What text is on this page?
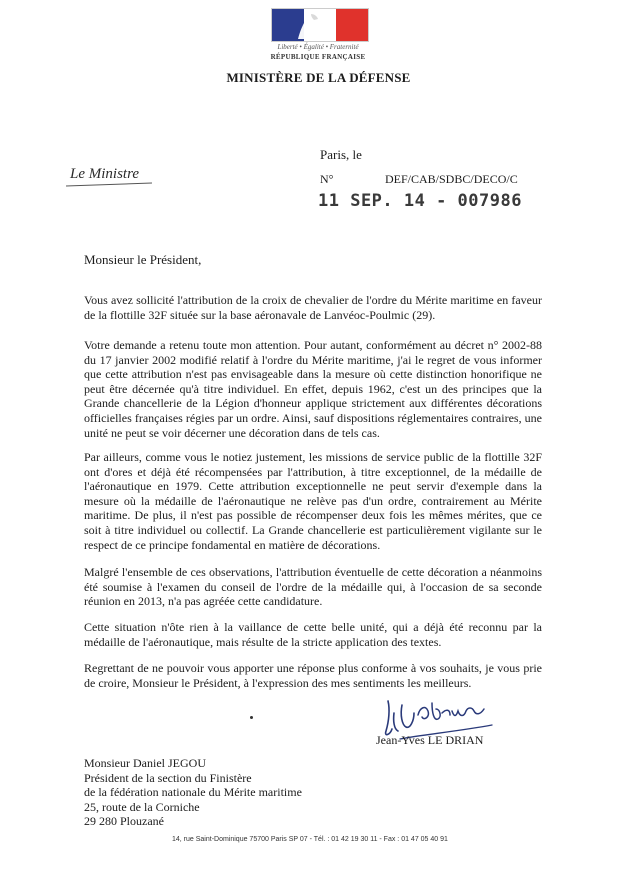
Liberté • Égalité • Fraternité
RÉPUBLIQUE FRANÇAISE
MINISTÈRE DE LA DÉFENSE
Le Ministre
Paris, le
N°	DEF/CAB/SDBC/DECO/C
11 SEP. 14 - 007986
Monsieur le Président,

Vous avez sollicité l'attribution de la croix de chevalier de l'ordre du Mérite maritime en faveur de la flottille 32F située sur la base aéronavale de Lanvéoc-Poulmic (29).

Votre demande a retenu toute mon attention. Pour autant, conformément au décret n° 2002-88 du 17 janvier 2002 modifié relatif à l'ordre du Mérite maritime, j'ai le regret de vous informer que cette attribution n'est pas envisageable dans la mesure où cette distinction honorifique ne peut être décernée qu'à titre individuel. En effet, depuis 1962, c'est un des principes que la Grande chancellerie de la Légion d'honneur applique strictement aux différentes décorations officielles françaises régies par un ordre. Ainsi, sauf dispositions réglementaires contraires, une unité ne peut se voir décerner une décoration dans de tels cas.

Par ailleurs, comme vous le notiez justement, les missions de service public de la flottille 32F ont d'ores et déjà été récompensées par l'attribution, à titre exceptionnel, de la médaille de l'aéronautique en 1979. Cette attribution exceptionnelle ne peut servir d'exemple dans la mesure où la médaille de l'aéronautique ne relève pas d'un ordre, contrairement au Mérite maritime. De plus, il n'est pas possible de récompenser deux fois les mêmes mérites, que ce soit à titre individuel ou collectif. La Grande chancellerie est particulièrement vigilante sur le respect de ce principe fondamental en matière de décorations.

Malgré l'ensemble de ces observations, l'attribution éventuelle de cette décoration a néanmoins été soumise à l'examen du conseil de l'ordre de la médaille qui, à l'occasion de sa seconde réunion en 2013, n'a pas agréée cette candidature.

Cette situation n'ôte rien à la vaillance de cette belle unité, qui a déjà été reconnu par la médaille de l'aéronautique, mais résulte de la stricte application des textes.

Regrettant de ne pouvoir vous apporter une réponse plus conforme à vos souhaits, je vous prie de croire, Monsieur le Président, à l'expression des mes sentiments les meilleurs.

Jean-Yves LE DRIAN
Monsieur Daniel JEGOU
Président de la section du Finistère
de la fédération nationale du Mérite maritime
25, route de la Corniche
29 280 Plouzané
14, rue Saint-Dominique 75700 Paris SP 07 - Tél. : 01 42 19 30 11 - Fax : 01 47 05 40 91
